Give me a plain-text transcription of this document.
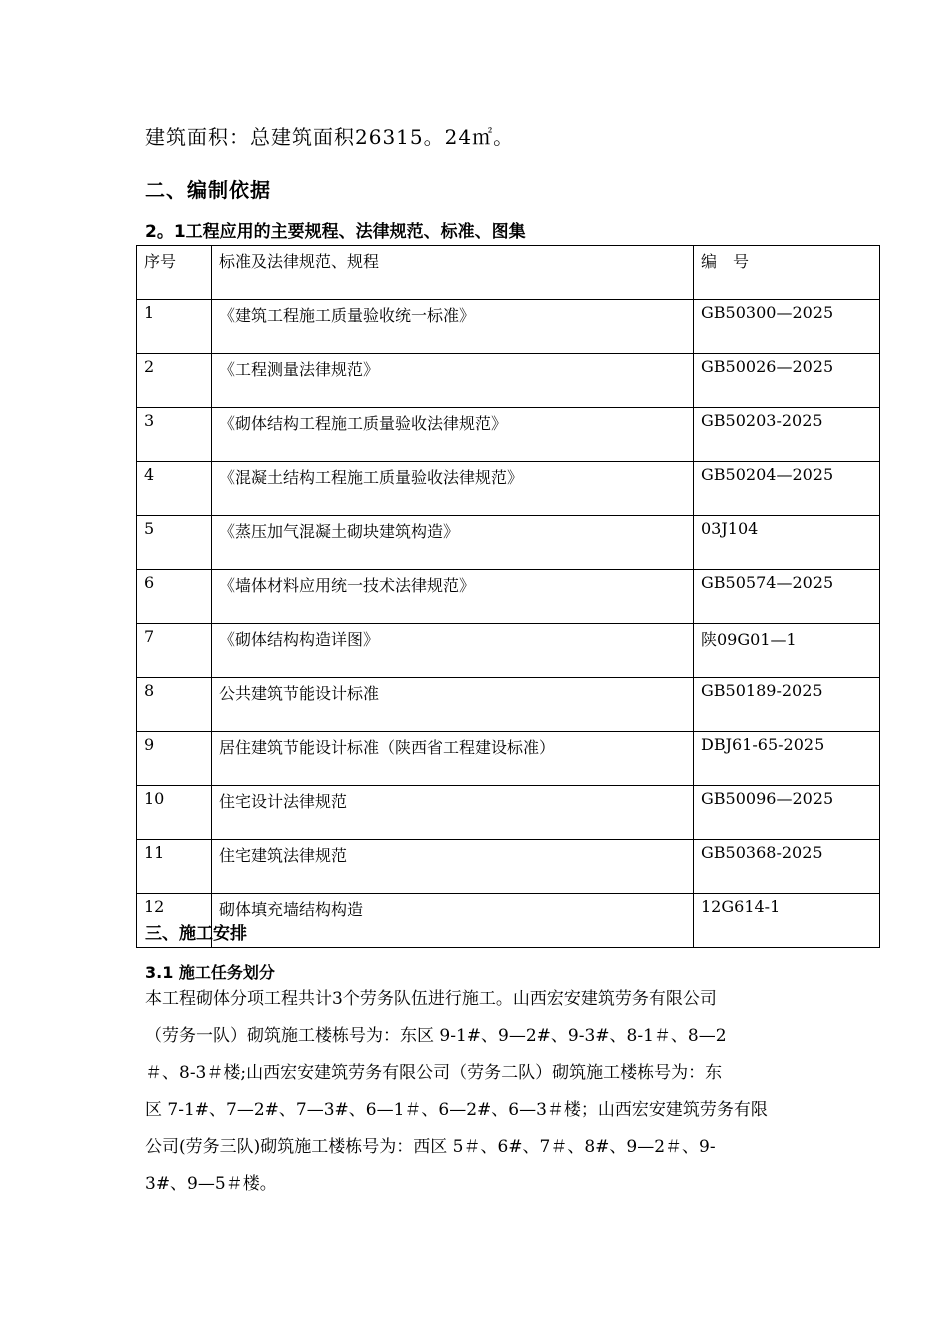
建筑面积：总建筑面积26315。24㎡。
二、编制依据
2。1工程应用的主要规程、法律规范、标准、图集
序号	标准及法律规范、规程	编　号
1	《建筑工程施工质量验收统一标准》	GB50300—2025
2	《工程测量法律规范》	GB50026—2025
3	《砌体结构工程施工质量验收法律规范》	GB50203-2025
4	《混凝土结构工程施工质量验收法律规范》	GB50204—2025
5	《蒸压加气混凝土砌块建筑构造》	03J104
6	《墙体材料应用统一技术法律规范》	GB50574—2025
7	《砌体结构构造详图》	陕09G01—1
8	公共建筑节能设计标准	GB50189-2025
9	居住建筑节能设计标准（陕西省工程建设标准）	DBJ61-65-2025
10	住宅设计法律规范	GB50096—2025
11	住宅建筑法律规范	GB50368-2025
12	砌体填充墙结构构造	12G614-1
三、施工安排
3.1 施工任务划分
本工程砌体分项工程共计3个劳务队伍进行施工。山西宏安建筑劳务有限公司
（劳务一队）砌筑施工楼栋号为：东区 9-1#、9—2#、9-3#、8-1＃、8—2
＃、8-3＃楼;山西宏安建筑劳务有限公司（劳务二队）砌筑施工楼栋号为：东
区 7-1#、7—2#、7—3#、6—1＃、6—2#、6—3＃楼；山西宏安建筑劳务有限
公司(劳务三队)砌筑施工楼栋号为：西区 5＃、6#、7＃、8#、9—2＃、9-
3#、9—5＃楼。
